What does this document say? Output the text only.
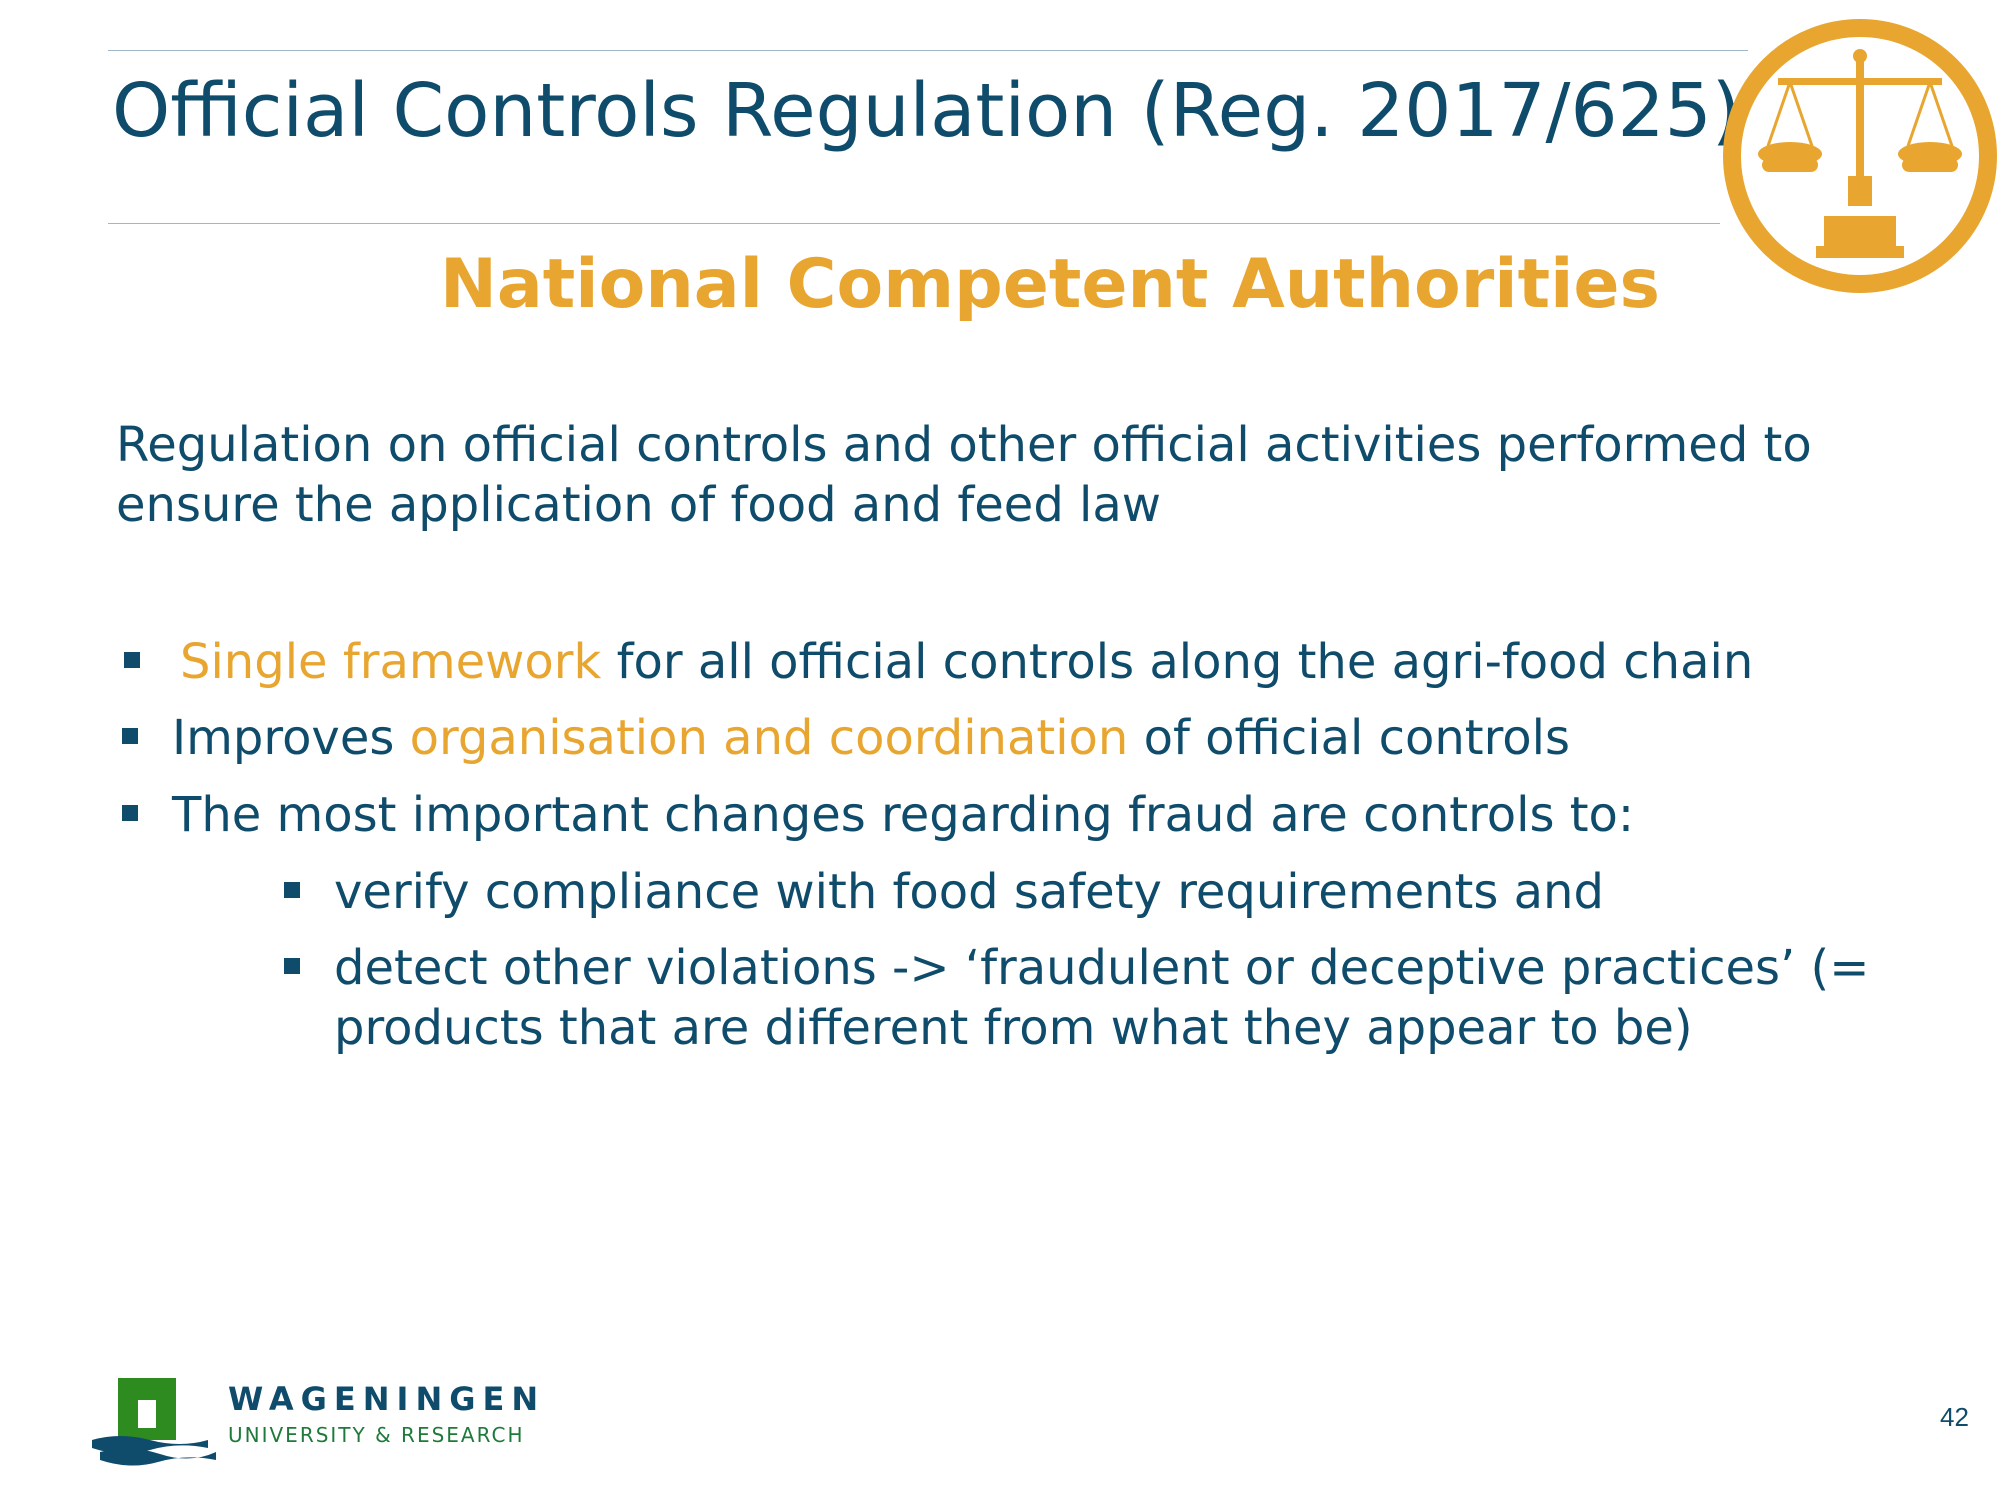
Official Controls Regulation (Reg. 2017/625)
National Competent Authorities
Regulation on official controls and other official activities performed to ensure the application of food and feed law
Single framework for all official controls along the agri-food chain
Improves organisation and coordination of official controls
The most important changes regarding fraud are controls to:
verify compliance with food safety requirements and
detect other violations -> ‘fraudulent or deceptive practices’ (= products that are different from what they appear to be)
WAGENINGEN
UNIVERSITY & RESEARCH
42
